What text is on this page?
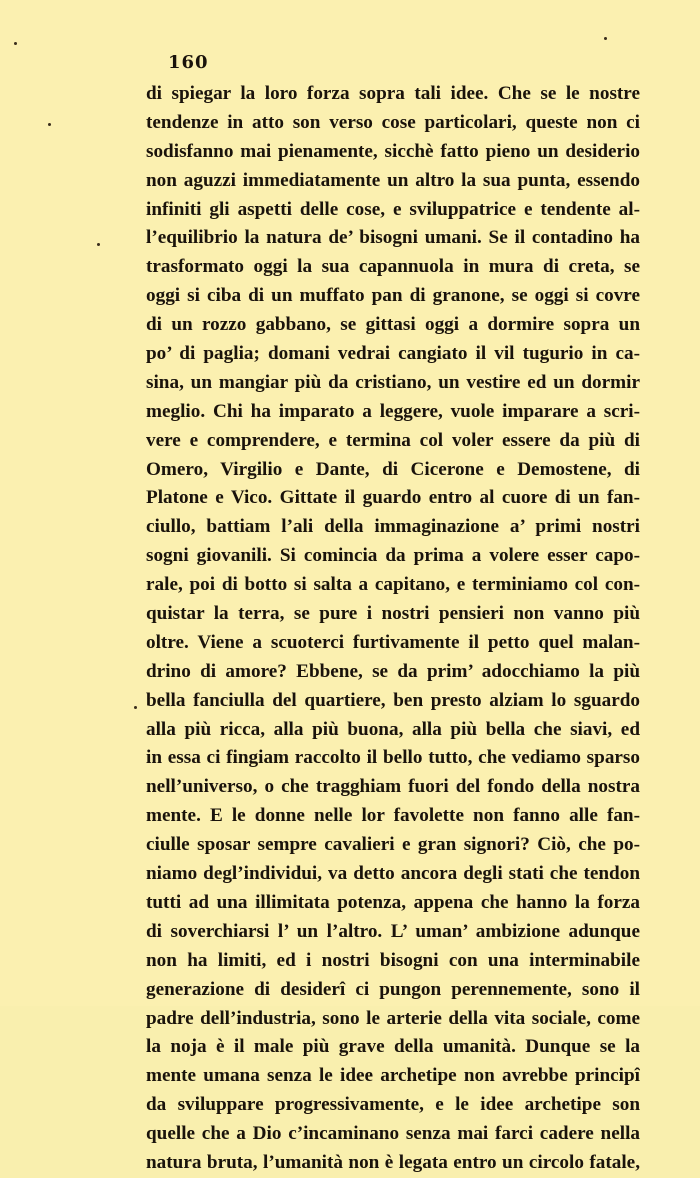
160
di spiegar la loro forza sopra tali idee. Che se le nostre
tendenze in atto son verso cose particolari, queste non ci
sodisfanno mai pienamente, sicchè fatto pieno un desiderio
non aguzzi immediatamente un altro la sua punta, essendo
infiniti gli aspetti delle cose, e sviluppatrice e tendente al-
l’equilibrio la natura de’ bisogni umani. Se il contadino ha
trasformato oggi la sua capannuola in mura di creta, se
oggi si ciba di un muffato pan di granone, se oggi si covre
di un rozzo gabbano, se gittasi oggi a dormire sopra un
po’ di paglia; domani vedrai cangiato il vil tugurio in ca-
sina, un mangiar più da cristiano, un vestire ed un dormir
meglio. Chi ha imparato a leggere, vuole imparare a scri-
vere e comprendere, e termina col voler essere da più di
Omero, Virgilio e Dante, di Cicerone e Demostene, di
Platone e Vico. Gittate il guardo entro al cuore di un fan-
ciullo, battiam l’ali della immaginazione a’ primi nostri
sogni giovanili. Si comincia da prima a volere esser capo-
rale, poi di botto si salta a capitano, e terminiamo col con-
quistar la terra, se pure i nostri pensieri non vanno più
oltre. Viene a scuoterci furtivamente il petto quel malan-
drino di amore? Ebbene, se da prim’ adocchiamo la più
bella fanciulla del quartiere, ben presto alziam lo sguardo
alla più ricca, alla più buona, alla più bella che siavi, ed
in essa ci fingiam raccolto il bello tutto, che vediamo sparso
nell’universo, o che tragghiam fuori del fondo della nostra
mente. E le donne nelle lor favolette non fanno alle fan-
ciulle sposar sempre cavalieri e gran signori? Ciò, che po-
niamo degl’individui, va detto ancora degli stati che tendon
tutti ad una illimitata potenza, appena che hanno la forza
di soverchiarsi l’ un l’altro. L’ uman’ ambizione adunque
non ha limiti, ed i nostri bisogni con una interminabile
generazione di desiderî ci pungon perennemente, sono il
padre dell’industria, sono le arterie della vita sociale, come
la noja è il male più grave della umanità. Dunque se la
mente umana senza le idee archetipe non avrebbe principî
da sviluppare progressivamente, e le idee archetipe son
quelle che a Dio c’incaminano senza mai farci cadere nella
natura bruta, l’umanità non è legata entro un circolo fatale,
